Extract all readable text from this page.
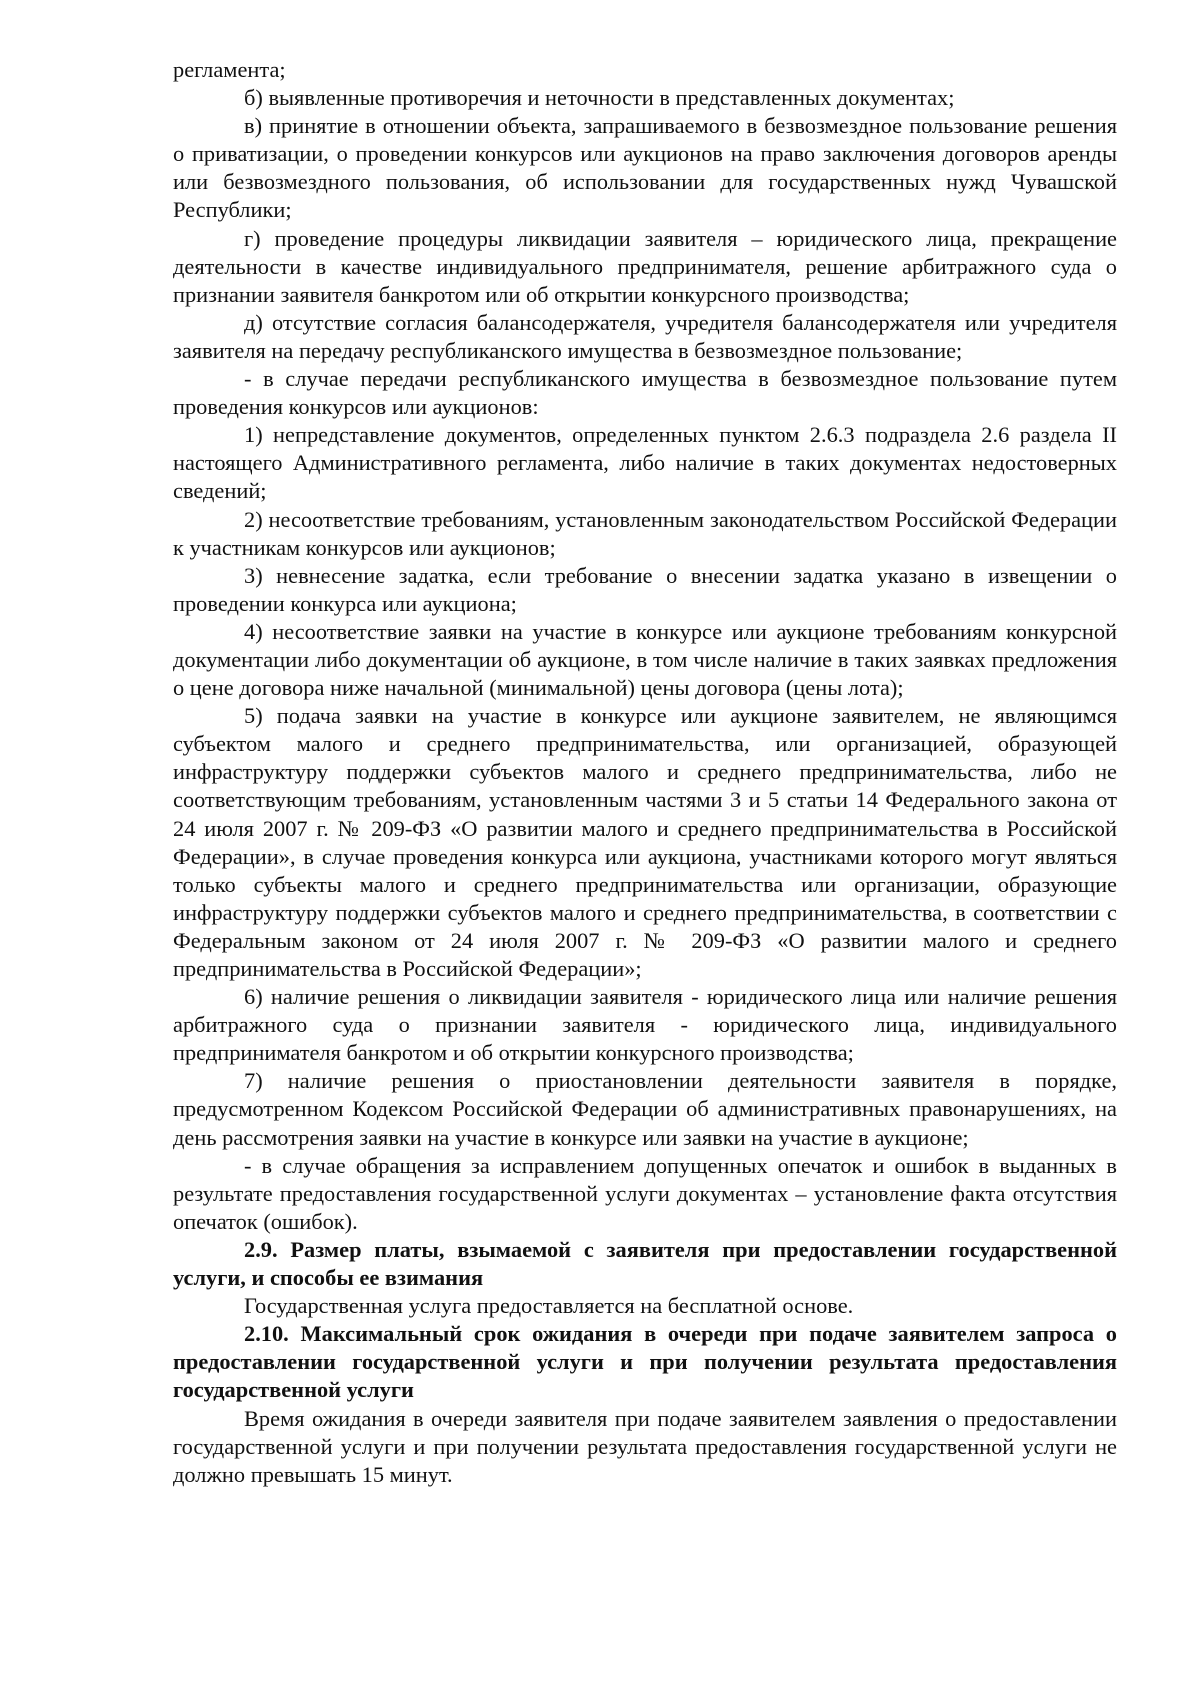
регламента;

б) выявленные противоречия и неточности в представленных документах;

в) принятие в отношении объекта, запрашиваемого в безвозмездное пользование решения о приватизации, о проведении конкурсов или аукционов на право заключения договоров аренды или безвозмездного пользования, об использовании для государственных нужд Чувашской Республики;

г) проведение процедуры ликвидации заявителя – юридического лица, прекращение деятельности в качестве индивидуального предпринимателя, решение арбитражного суда о признании заявителя банкротом или об открытии конкурсного производства;

д) отсутствие согласия балансодержателя, учредителя балансодержателя или учредителя заявителя на передачу республиканского имущества в безвозмездное пользование;

- в случае передачи республиканского имущества в безвозмездное пользование путем проведения конкурсов или аукционов:

1) непредставление документов, определенных пунктом 2.6.3 подраздела 2.6 раздела II настоящего Административного регламента, либо наличие в таких документах недостоверных сведений;

2) несоответствие требованиям, установленным законодательством Российской Федерации к участникам конкурсов или аукционов;

3) невнесение задатка, если требование о внесении задатка указано в извещении о проведении конкурса или аукциона;

4) несоответствие заявки на участие в конкурсе или аукционе требованиям конкурсной документации либо документации об аукционе, в том числе наличие в таких заявках предложения о цене договора ниже начальной (минимальной) цены договора (цены лота);

5) подача заявки на участие в конкурсе или аукционе заявителем, не являющимся субъектом малого и среднего предпринимательства, или организацией, образующей инфраструктуру поддержки субъектов малого и среднего предпринимательства, либо не соответствующим требованиям, установленным частями 3 и 5 статьи 14 Федерального закона от 24 июля 2007 г. № 209-ФЗ «О развитии малого и среднего предпринимательства в Российской Федерации», в случае проведения конкурса или аукциона, участниками которого могут являться только субъекты малого и среднего предпринимательства или организации, образующие инфраструктуру поддержки субъектов малого и среднего предпринимательства, в соответствии с Федеральным законом от 24 июля 2007 г. № 209-ФЗ «О развитии малого и среднего предпринимательства в Российской Федерации»;

6) наличие решения о ликвидации заявителя - юридического лица или наличие решения арбитражного суда о признании заявителя - юридического лица, индивидуального предпринимателя банкротом и об открытии конкурсного производства;

7) наличие решения о приостановлении деятельности заявителя в порядке, предусмотренном Кодексом Российской Федерации об административных правонарушениях, на день рассмотрения заявки на участие в конкурсе или заявки на участие в аукционе;

- в случае обращения за исправлением допущенных опечаток и ошибок в выданных в результате предоставления государственной услуги документах – установление факта отсутствия опечаток (ошибок).

2.9. Размер платы, взымаемой с заявителя при предоставлении государственной услуги, и способы ее взимания

Государственная услуга предоставляется на бесплатной основе.

2.10. Максимальный срок ожидания в очереди при подаче заявителем запроса о предоставлении государственной услуги и при получении результата предоставления государственной услуги

Время ожидания в очереди заявителя при подаче заявителем заявления о предоставлении государственной услуги и при получении результата предоставления государственной услуги не должно превышать 15 минут.
